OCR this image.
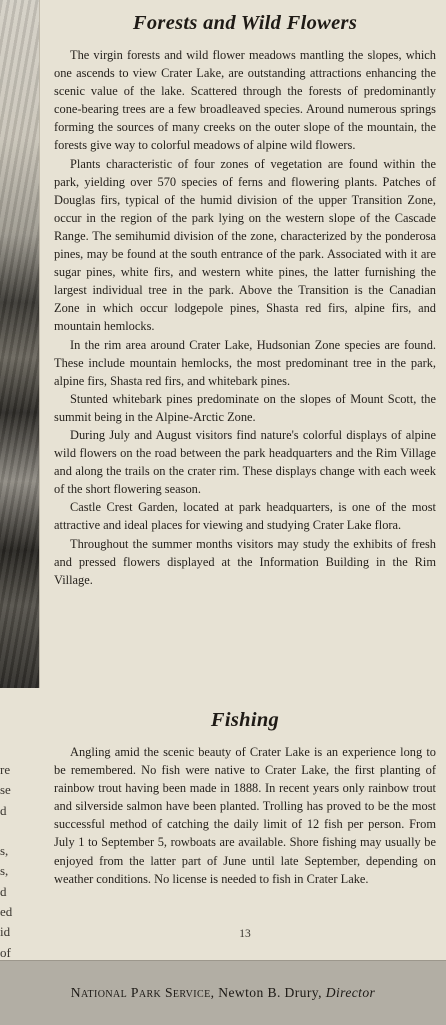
re
se
d
s,
s,
d
ed
id
of
Forests and Wild Flowers

The virgin forests and wild flower meadows mantling the slopes, which one ascends to view Crater Lake, are outstanding attractions enhancing the scenic value of the lake. Scattered through the forests of predominantly cone-bearing trees are a few broadleaved species. Around numerous springs forming the sources of many creeks on the outer slope of the mountain, the forests give way to colorful meadows of alpine wild flowers.

Plants characteristic of four zones of vegetation are found within the park, yielding over 570 species of ferns and flowering plants. Patches of Douglas firs, typical of the humid division of the upper Transition Zone, occur in the region of the park lying on the western slope of the Cascade Range. The semihumid division of the zone, characterized by the ponderosa pines, may be found at the south entrance of the park. Associated with it are sugar pines, white firs, and western white pines, the latter furnishing the largest individual tree in the park. Above the Transition is the Canadian Zone in which occur lodgepole pines, Shasta red firs, alpine firs, and mountain hemlocks.

In the rim area around Crater Lake, Hudsonian Zone species are found. These include mountain hemlocks, the most predominant tree in the park, alpine firs, Shasta red firs, and whitebark pines.

Stunted whitebark pines predominate on the slopes of Mount Scott, the summit being in the Alpine-Arctic Zone.

During July and August visitors find nature's colorful displays of alpine wild flowers on the road between the park headquarters and the Rim Village and along the trails on the crater rim. These displays change with each week of the short flowering season.

Castle Crest Garden, located at park headquarters, is one of the most attractive and ideal places for viewing and studying Crater Lake flora.

Throughout the summer months visitors may study the exhibits of fresh and pressed flowers displayed at the Information Building in the Rim Village.

Fishing

Angling amid the scenic beauty of Crater Lake is an experience long to be remembered. No fish were native to Crater Lake, the first planting of rainbow trout having been made in 1888. In recent years only rainbow trout and silverside salmon have been planted. Trolling has proved to be the most successful method of catching the daily limit of 12 fish per person. From July 1 to September 5, rowboats are available. Shore fishing may usually be enjoyed from the latter part of June until late September, depending on weather conditions. No license is needed to fish in Crater Lake.

13
National Park Service, Newton B. Drury, Director
